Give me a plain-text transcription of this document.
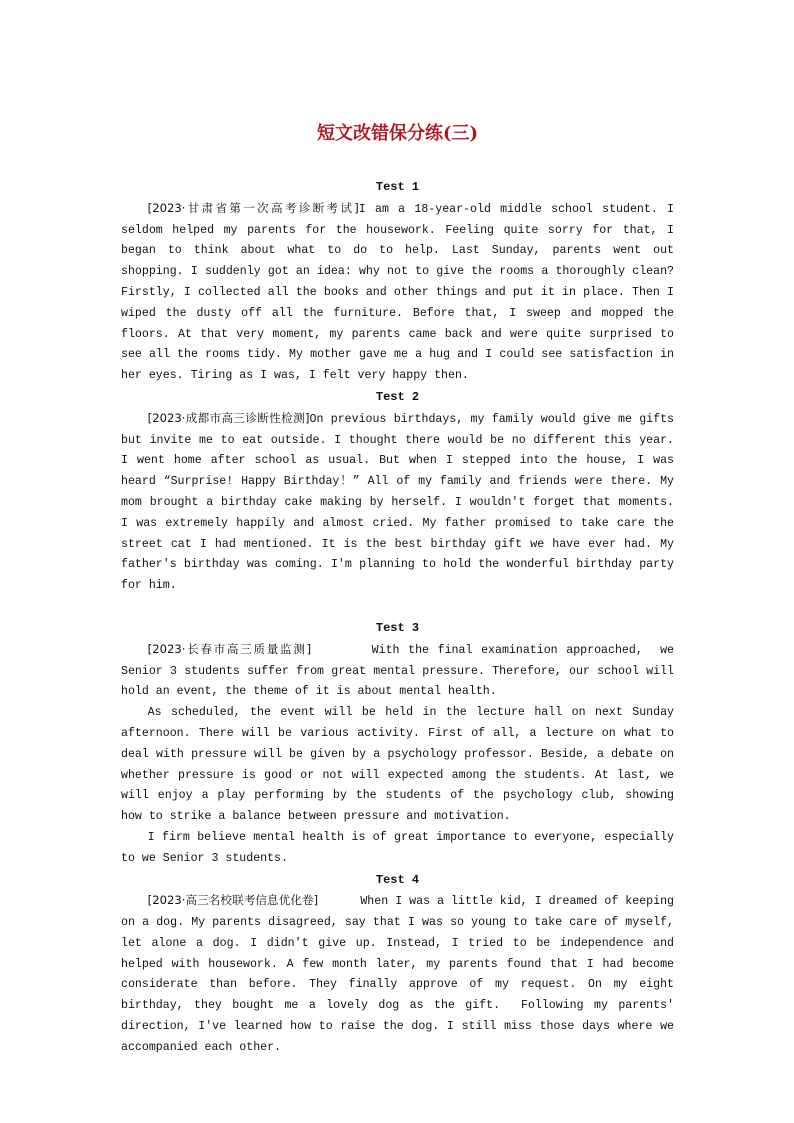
短文改错保分练(三)
Test 1

[2023·甘肃省第一次高考诊断考试]I am a 18-year-old middle school student. I seldom helped my parents for the housework. Feeling quite sorry for that, I began to think about what to do to help. Last Sunday, parents went out shopping. I suddenly got an idea: why not to give the rooms a thoroughly clean? Firstly, I collected all the books and other things and put it in place. Then I wiped the dusty off all the furniture. Before that, I sweep and mopped the floors. At that very moment, my parents came back and were quite surprised to see all the rooms tidy. My mother gave me a hug and I could see satisfaction in her eyes. Tiring as I was, I felt very happy then.

Test 2

[2023·成都市高三诊断性检测]On previous birthdays, my family would give me gifts but invite me to eat outside. I thought there would be no different this year. I went home after school as usual. But when I stepped into the house, I was heard “Surprise! Happy Birthday！” All of my family and friends were there. My mom brought a birthday cake making by herself. I wouldn't forget that moments. I was extremely happily and almost cried. My father promised to take care the street cat I had mentioned. It is the best birthday gift we have ever had. My father's birthday was coming. I'm planning to hold the wonderful birthday party for him.

Test 3

[2023·长春市高三质量监测]       With the final examination approached,  we Senior 3 students suffer from great mental pressure. Therefore, our school will hold an event, the theme of it is about mental health.

As scheduled, the event will be held in the lecture hall on next Sunday afternoon. There will be various activity. First of all, a lecture on what to deal with pressure will be given by a psychology professor. Beside, a debate on whether pressure is good or not will expected among the students. At last, we will enjoy a play performing by the students of the psychology club, showing how to strike a balance between pressure and motivation.

I firm believe mental health is of great importance to everyone, especially to we Senior 3 students.

Test 4

[2023·高三名校联考信息优化卷]      When I was a little kid, I dreamed of keeping on a dog. My parents disagreed, say that I was so young to take care of myself, let alone a dog. I didn't give up. Instead, I tried to be independence and helped with housework. A few month later, my parents found that I had become considerate than before. They finally approve of my request. On my eight birthday, they bought me a lovely dog as the gift.  Following my parents' direction, I've learned how to raise the dog. I still miss those days where we accompanied each other.
